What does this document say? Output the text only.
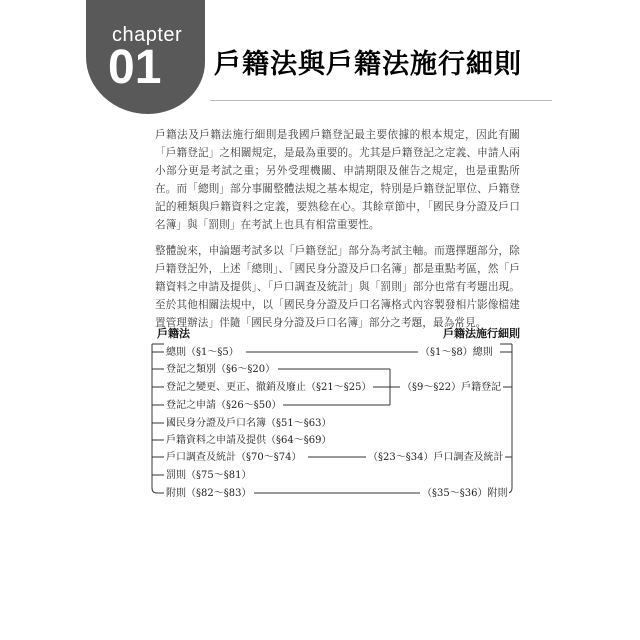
chapter
01 戶籍法與戶籍法施行細則

戶籍法及戶籍法施行細則是我國戶籍登記最主要依據的根本規定，因此有關「戶籍登記」之相關規定，是最為重要的。尤其是戶籍登記之定義、申請人兩小部分更是考試之重；另外受理機關、申請期限及催告之規定，也是重點所在。而「總則」部分事關整體法規之基本規定，特別是戶籍登記單位、戶籍登記的種類與戶籍資料之定義，要熟稔在心。其餘章節中，「國民身分證及戶口名簿」與「罰則」在考試上也具有相當重要性。

整體說來，申論題考試多以「戶籍登記」部分為考試主軸。而選擇題部分，除戶籍登記外，上述「總則」、「國民身分證及戶口名簿」都是重點考區，然「戶籍資料之申請及提供」、「戶口調查及統計」與「罰則」部分也常有考題出現。至於其他相關法規中，以「國民身分證及戶口名簿格式內容製發相片影像檔建置管理辦法」伴隨「國民身分證及戶口名簿」部分之考題，最為常見。

戶籍法	戶籍法施行細則
總則（§1～§5）
登記之類別（§6～§20）
登記之變更、更正、撤銷及廢止（§21～§25）
登記之申請（§26～§50）
國民身分證及戶口名簿（§51～§63）
戶籍資料之申請及提供（§64～§69）
戶口調查及統計（§70～§74）
罰則（§75～§81）
附則（§82～§83）
（§1～§8）總則
（§9～§22）戶籍登記
（§23～§34）戶口調查及統計
（§35～§36）附則
